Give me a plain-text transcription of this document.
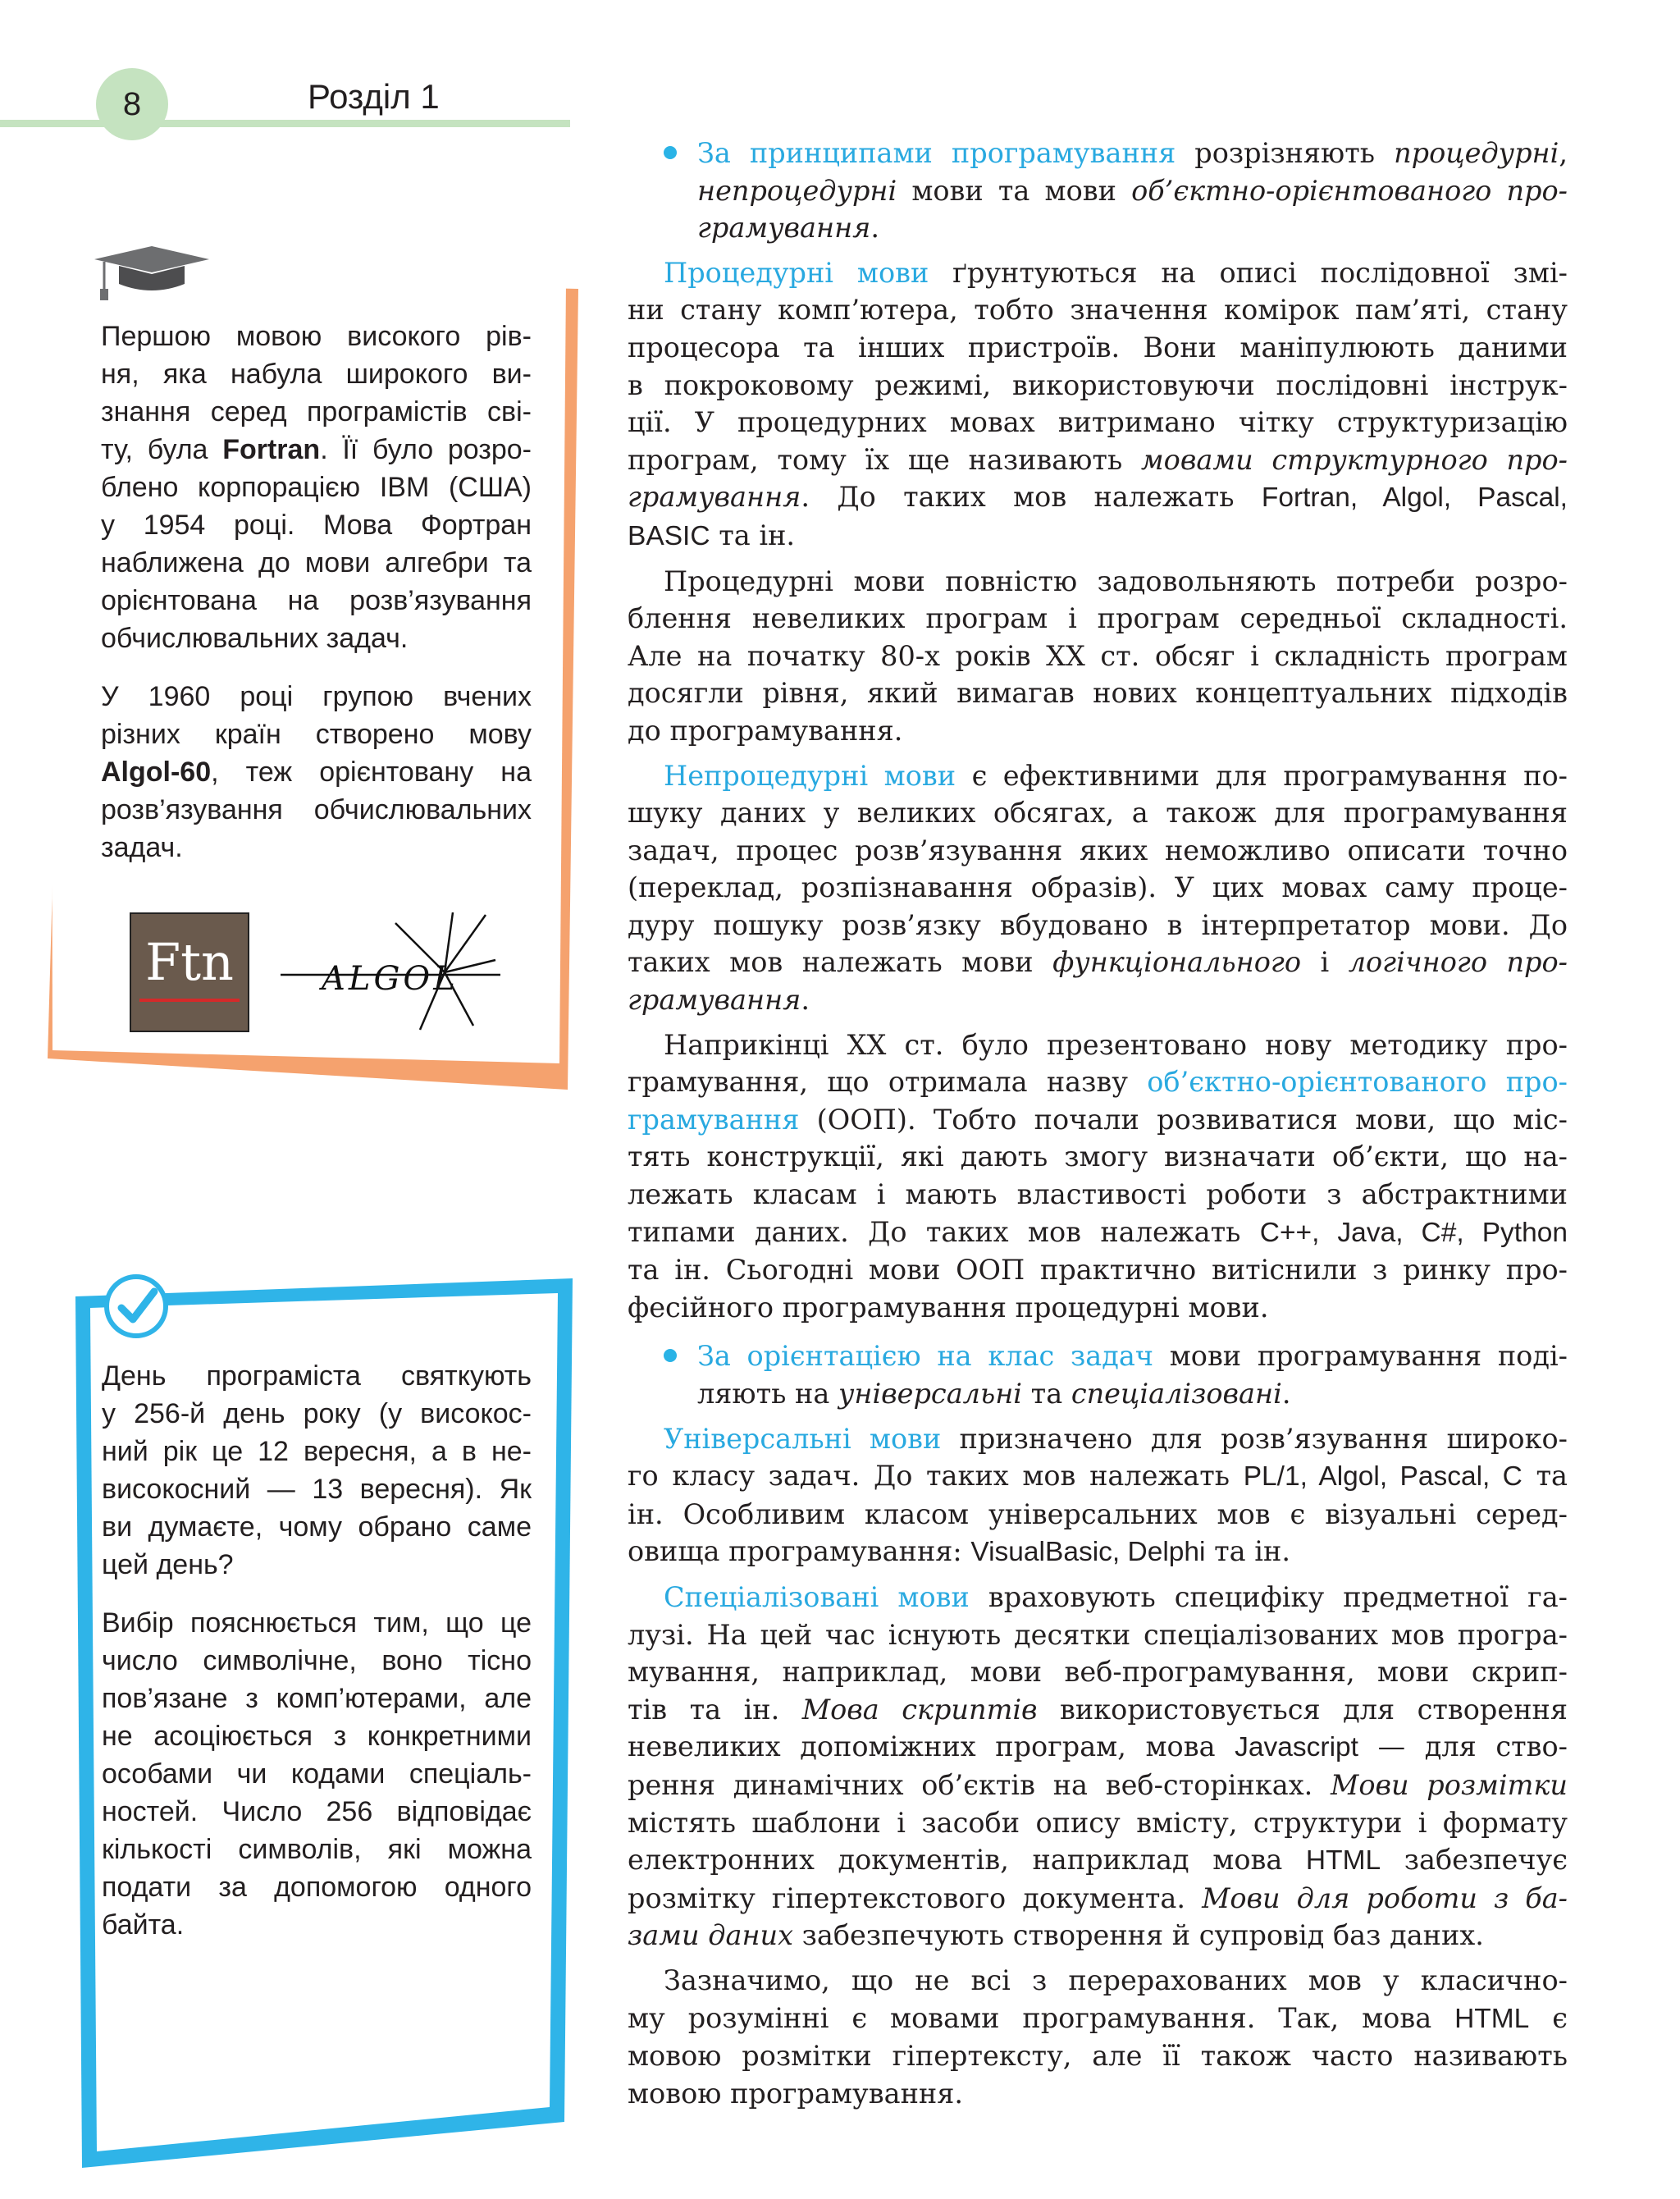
8	Розділ 1

Першою мовою високого рів-
ня, яка набула широкого ви-
знання серед програмістів сві-
ту, була Fortran. Її було розро-
блено корпорацією IBM (США)
у 1954 році. Мова Фортран
наближена до мови алгебри та
орієнтована на розв’язування
обчислювальних задач.

У 1960 році групою вчених
різних країн створено мову
Algol-60, теж орієнтовану на
розв’язування обчислювальних
задач.

Ftn	ALGOL

День програміста святкують
у 256-й день року (у високос-
ний рік це 12 вересня, а в не-
високосний — 13 вересня). Як
ви думаєте, чому обрано саме
цей день?

Вибір пояснюється тим, що це
число символічне, воно тісно
пов’язане з комп’ютерами, але
не асоціюється з конкретними
особами чи кодами спеціаль-
ностей. Число 256 відповідає
кількості символів, які можна
подати за допомогою одного
байта.

За принципами програмування розрізняють процедурні,
непроцедурні мови та мови об’єктно-орієнтованого про-
грамування.
Процедурні мови ґрунтуються на описі послідовної змі-
ни стану комп’ютера, тобто значення комірок пам’яті, стану
процесора та інших пристроїв. Вони маніпулюють даними
в покроковому режимі, використовуючи послідовні інструк-
ції. У процедурних мовах витримано чітку структуризацію
програм, тому їх ще називають мовами структурного про-
грамування. До таких мов належать Fortran, Algol, Pascal,
BASIC та ін.
Процедурні мови повністю задовольняють потреби розро-
блення невеликих програм і програм середньої складності.
Але на початку 80-х років XX ст. обсяг і складність програм
досягли рівня, який вимагав нових концептуальних підходів
до програмування.
Непроцедурні мови є ефективними для програмування по-
шуку даних у великих обсягах, а також для програмування
задач, процес розв’язування яких неможливо описати точно
(переклад, розпізнавання образів). У цих мовах саму проце-
дуру пошуку розв’язку вбудовано в інтерпретатор мови. До
таких мов належать мови функціонального і логічного про-
грамування.
Наприкінці XX ст. було презентовано нову методику про-
грамування, що отримала назву об’єктно-орієнтованого про-
грамування (ООП). Тобто почали розвиватися мови, що міс-
тять конструкції, які дають змогу визначати об’єкти, що на-
лежать класам і мають властивості роботи з абстрактними
типами даних. До таких мов належать C++, Java, C#, Python
та ін. Сьогодні мови ООП практично витіснили з ринку про-
фесійного програмування процедурні мови.
За орієнтацією на клас задач мови програмування поді-
ляють на універсальні та спеціалізовані.
Універсальні мови призначено для розв’язування широко-
го класу задач. До таких мов належать PL/1, Algol, Pascal, C та
ін. Особливим класом універсальних мов є візуальні серед-
овища програмування: VisualBasic, Delphi та ін.
Спеціалізовані мови враховують специфіку предметної га-
лузі. На цей час існують десятки спеціалізованих мов програ-
мування, наприклад, мови веб-програмування, мови скрип-
тів та ін. Мова скриптів використовується для створення
невеликих допоміжних програм, мова Javascript — для ство-
рення динамічних об’єктів на веб-сторінках. Мови розмітки
містять шаблони і засоби опису вмісту, структури і формату
електронних документів, наприклад мова HTML забезпечує
розмітку гіпертекстового документа. Мови для роботи з ба-
зами даних забезпечують створення й супровід баз даних.
Зазначимо, що не всі з перерахованих мов у класично-
му розумінні є мовами програмування. Так, мова HTML є
мовою розмітки гіпертексту, але її також часто називають
мовою програмування.
